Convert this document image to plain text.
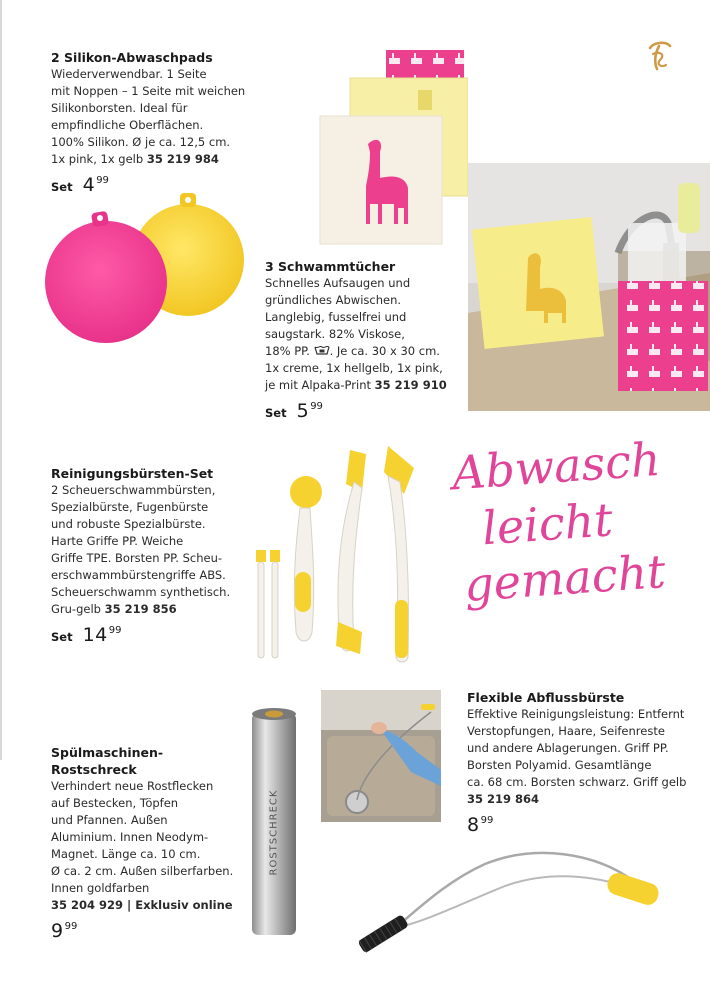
2 Silikon-Abwaschpads
Wiederverwendbar. 1 Seite
mit Noppen – 1 Seite mit weichen
Silikonborsten. Ideal für
empfindliche Oberflächen.
100% Silikon. Ø je ca. 12,5 cm.
1x pink, 1x gelb 35 219 984
Set $4^{99}$
3 Schwammtücher
Schnelles Aufsaugen und
gründliches Abwischen.
Langlebig, fusselfrei und
saugstark. 82% Viskose,
18% PP. . Je ca. 30 x 30 cm.
1x creme, 1x hellgelb, 1x pink,
je mit Alpaka-Print 35 219 910
Set $5^{99}$
Abwasch
leicht
gemacht
Reinigungsbürsten-Set
2 Scheuerschwammbürsten,
Spezialbürste, Fugenbürste
und robuste Spezialbürste.
Harte Griffe PP. Weiche
Griffe TPE. Borsten PP. Scheu-
erschwammbürstengriffe ABS.
Scheuerschwamm synthetisch.
Gru-gelb 35 219 856
Set $14^{99}$
Flexible Abflussbürste
Effektive Reinigungsleistung: Entfernt
Verstopfungen, Haare, Seifenreste
und andere Ablagerungen. Griff PP.
Borsten Polyamid. Gesamtlänge
ca. 68 cm. Borsten schwarz. Griff gelb
35 219 864
$8^{99}$
Spülmaschinen-
Rostschreck
Verhindert neue Rostflecken
auf Bestecken, Töpfen
und Pfannen. Außen
Aluminium. Innen Neodym-
Magnet. Länge ca. 10 cm.
Ø ca. 2 cm. Außen silberfarben.
Innen goldfarben
35 204 929 | Exklusiv online
$9^{99}$
ROSTSCHRECK
